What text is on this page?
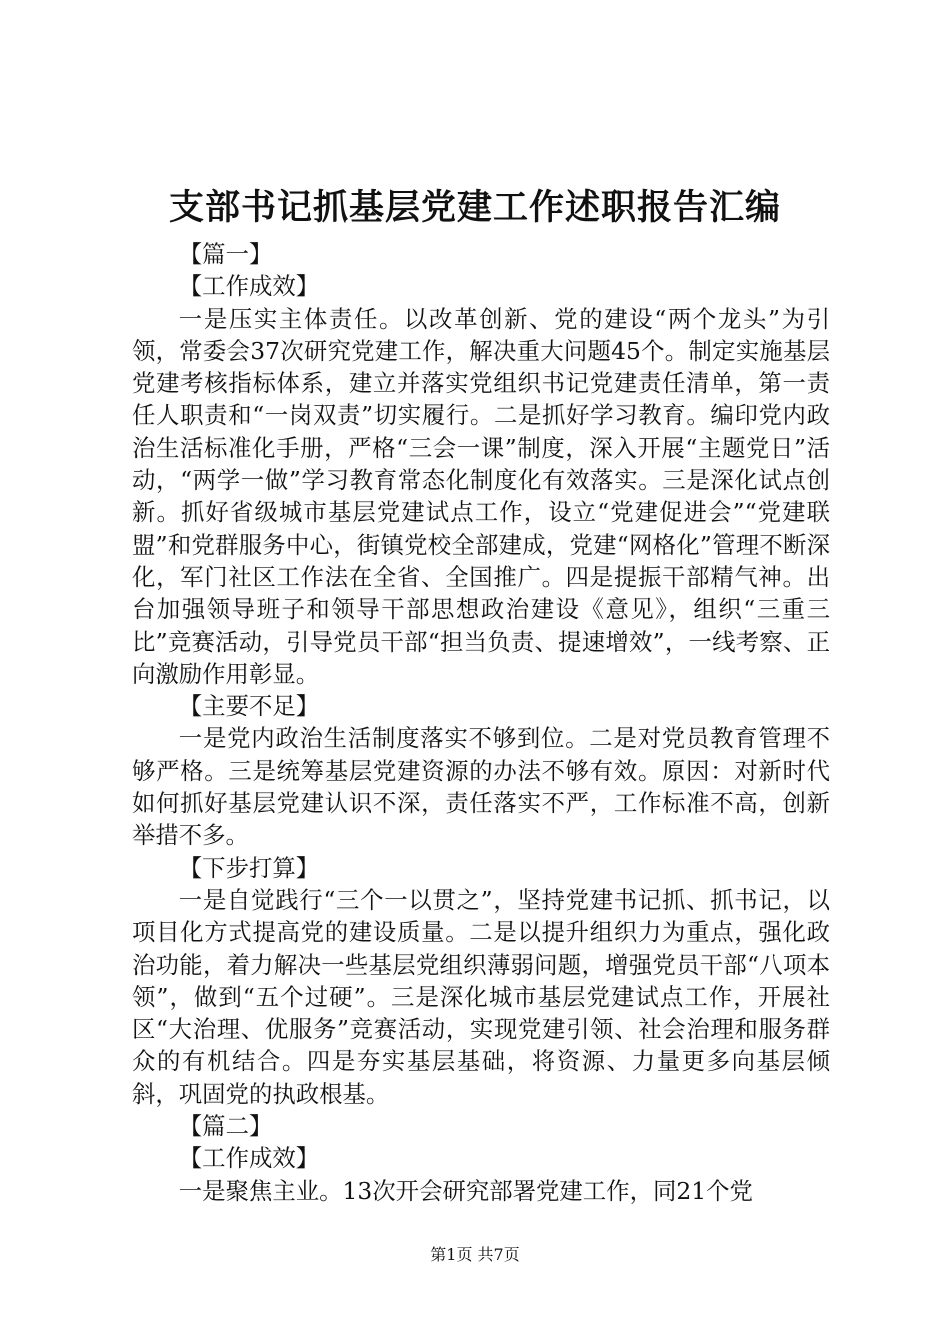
支部书记抓基层党建工作述职报告汇编

【篇一】

【工作成效】

一是压实主体责任。以改革创新、党的建设“两个龙头”为引领，常委会37次研究党建工作，解决重大问题45个。制定实施基层党建考核指标体系，建立并落实党组织书记党建责任清单，第一责任人职责和“一岗双责”切实履行。二是抓好学习教育。编印党内政治生活标准化手册，严格“三会一课”制度，深入开展“主题党日”活动，“两学一做”学习教育常态化制度化有效落实。三是深化试点创新。抓好省级城市基层党建试点工作，设立“党建促进会”“党建联盟”和党群服务中心，街镇党校全部建成，党建“网格化”管理不断深化，军门社区工作法在全省、全国推广。四是提振干部精气神。出台加强领导班子和领导干部思想政治建设《意见》，组织“三重三比”竞赛活动，引导党员干部“担当负责、提速增效”，一线考察、正向激励作用彰显。

【主要不足】

一是党内政治生活制度落实不够到位。二是对党员教育管理不够严格。三是统筹基层党建资源的办法不够有效。原因：对新时代如何抓好基层党建认识不深，责任落实不严，工作标准不高，创新举措不多。

【下步打算】

一是自觉践行“三个一以贯之”，坚持党建书记抓、抓书记，以项目化方式提高党的建设质量。二是以提升组织力为重点，强化政治功能，着力解决一些基层党组织薄弱问题，增强党员干部“八项本领”，做到“五个过硬”。三是深化城市基层党建试点工作，开展社区“大治理、优服务”竞赛活动，实现党建引领、社会治理和服务群众的有机结合。四是夯实基层基础，将资源、力量更多向基层倾斜，巩固党的执政根基。

【篇二】

【工作成效】

一是聚焦主业。13次开会研究部署党建工作，同21个党

第1页 共7页
